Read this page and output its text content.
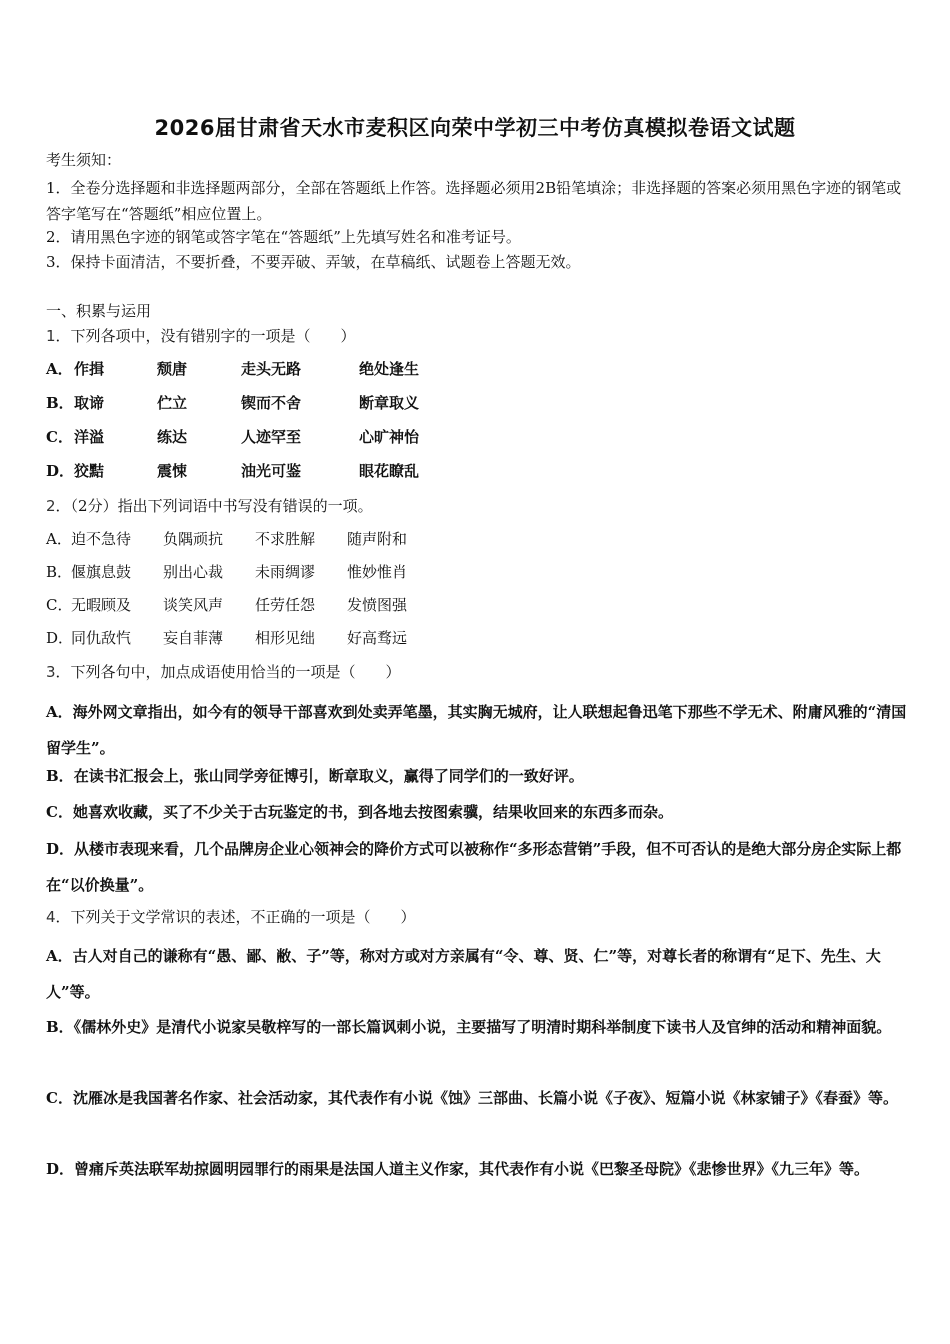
2026届甘肃省天水市麦积区向荣中学初三中考仿真模拟卷语文试题
考生须知：
1．全卷分选择题和非选择题两部分，全部在答题纸上作答。选择题必须用2B铅笔填涂；非选择题的答案必须用黑色字迹的钢笔或答字笔写在“答题纸”相应位置上。
2．请用黑色字迹的钢笔或答字笔在“答题纸”上先填写姓名和准考证号。
3．保持卡面清洁，不要折叠，不要弄破、弄皱，在草稿纸、试题卷上答题无效。
一、积累与运用
1．下列各项中，没有错别字的一项是（　　）
A．作揖	颓唐	走头无路	绝处逢生
B．取谛	伫立	锲而不舍	断章取义
C．洋溢	练达	人迹罕至	心旷神怡
D．狡黠	震悚	油光可鉴	眼花瞭乱
2．（2分）指出下列词语中书写没有错误的一项。
A．迫不急待 负隅顽抗 不求胜解 随声附和
B．偃旗息鼓 别出心裁 未雨绸谬 惟妙惟肖
C．无暇顾及 谈笑风声 任劳任怨 发愤图强
D．同仇敌忾 妄自菲薄 相形见绌 好高骛远
3．下列各句中，加点成语使用恰当的一项是（　　）
A．海外网文章指出，如今有的领导干部喜欢到处卖弄笔墨，其实胸无城府，让人联想起鲁迅笔下那些不学无术、附庸风雅的“清国留学生”。
B．在读书汇报会上，张山同学旁征博引，断章取义，赢得了同学们的一致好评。
C．她喜欢收藏，买了不少关于古玩鉴定的书，到各地去按图索骥，结果收回来的东西多而杂。
D．从楼市表现来看，几个品牌房企业心领神会的降价方式可以被称作“多形态营销”手段，但不可否认的是绝大部分房企实际上都在“以价换量”。
4．下列关于文学常识的表述，不正确的一项是（　　）
A．古人对自己的谦称有“愚、鄙、敝、子”等，称对方或对方亲属有“令、尊、贤、仁”等，对尊长者的称谓有“足下、先生、大人”等。
B．《儒林外史》是清代小说家吴敬梓写的一部长篇讽刺小说，主要描写了明清时期科举制度下读书人及官绅的活动和精神面貌。
C．沈雁冰是我国著名作家、社会活动家，其代表作有小说《蚀》三部曲、长篇小说《子夜》、短篇小说《林家铺子》《春蚕》等。
D．曾痛斥英法联军劫掠圆明园罪行的雨果是法国人道主义作家，其代表作有小说《巴黎圣母院》《悲惨世界》《九三年》等。
